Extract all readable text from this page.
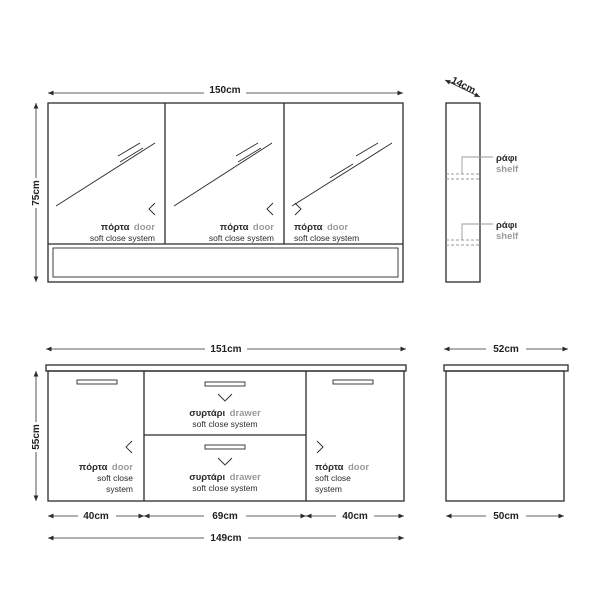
πόρτα door
soft close system
πόρτα door
soft close system
πόρτα door
soft close system
150cm
75cm
14cm
ράφι
shelf
ράφι
shelf
συρτάρι drawer
soft close system
συρτάρι drawer
soft close system
πόρτα door
soft close
system
πόρτα door
soft close
system
151cm
55cm
40cm	69cm	40cm
149cm
52cm
50cm
